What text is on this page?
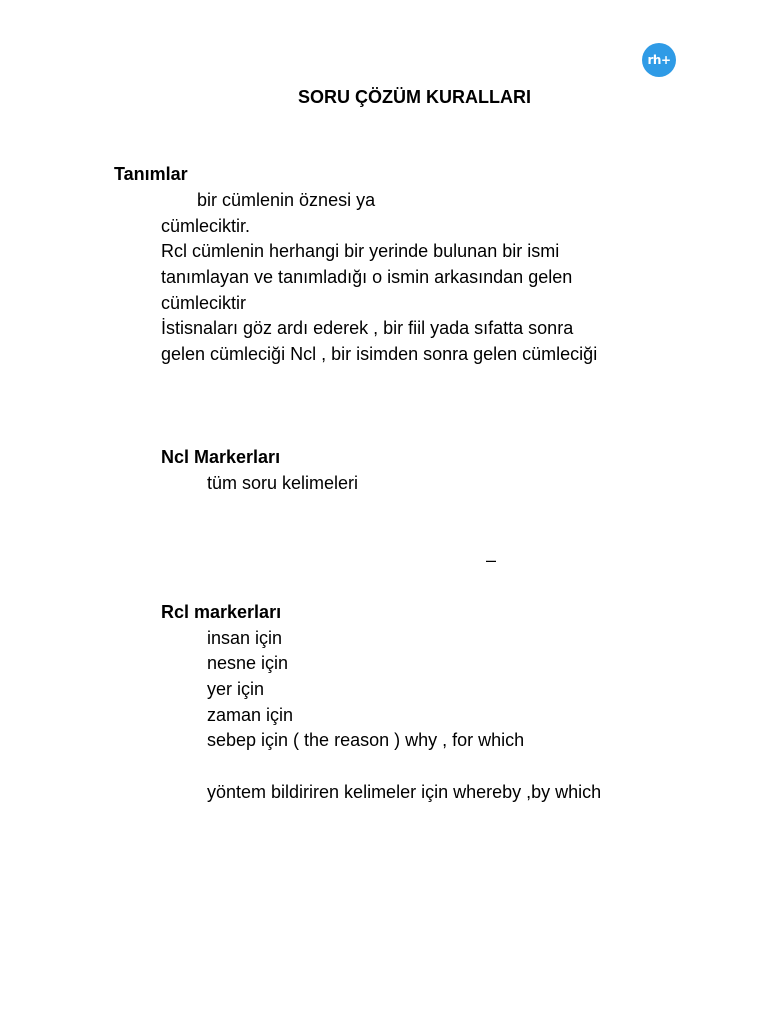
rh+
SORU ÇÖZÜM KURALLARI
Tanımlar
bir cümlenin öznesi ya
cümleciktir.
Rcl cümlenin herhangi bir yerinde bulunan bir ismi
tanımlayan ve tanımladığı o ismin arkasından gelen
cümleciktir
İstisnaları göz ardı ederek , bir fiil yada sıfatta sonra
gelen cümleciği Ncl , bir isimden sonra gelen cümleciği
Ncl Markerları
tüm soru kelimeleri
–
Rcl markerları
insan için
nesne için
yer için
zaman için
sebep için ( the reason ) why , for which
yöntem bildiriren kelimeler için whereby ,by which
